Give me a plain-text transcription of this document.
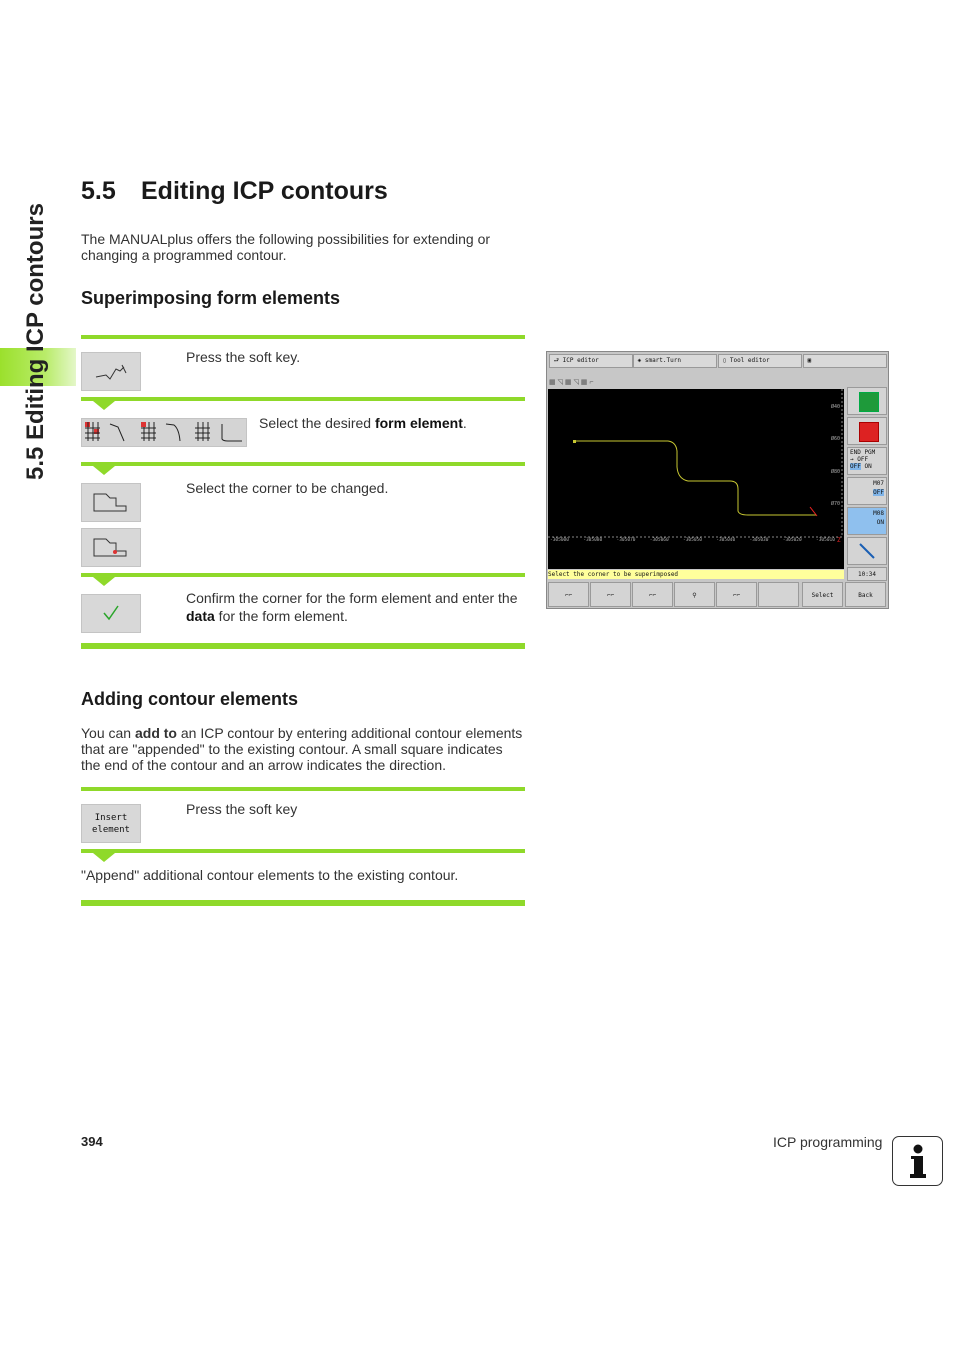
5.5 Editing ICP contours
5.5 Editing ICP contours
The MANUALplus offers the following possibilities for extending or changing a programmed contour.
Superimposing form elements
Press the soft key.
Select the desired form element.
Select the corner to be changed.
Confirm the corner for the form element and enter the data for the form element.
Adding contour elements
You can add to an ICP contour by entering additional contour elements that are "appended" to the existing contour. A small square indicates the end of the contour and an arrow indicates the direction.
Insert
element
Press the soft key
"Append" additional contour elements to the existing contour.
⮐ ICP editor	◈ smart.Turn	▯ Tool editor	▣
▦ ◹ ▦ ◹ ▦ ⌐
Ø40
Ø60
Ø80
Ø70
-305000	-305080	-305070	-305060	-305050	-305040	-305030	-305020	-305010 Z
Select the corner to be superimposed
END PGM
→ OFF
OFF ON
M07
OFF
M08
ON
10:34
⌐⌐	⌐⌐	⌐⌐	⚲	⌐⌐	Select	Back
394	ICP programming
